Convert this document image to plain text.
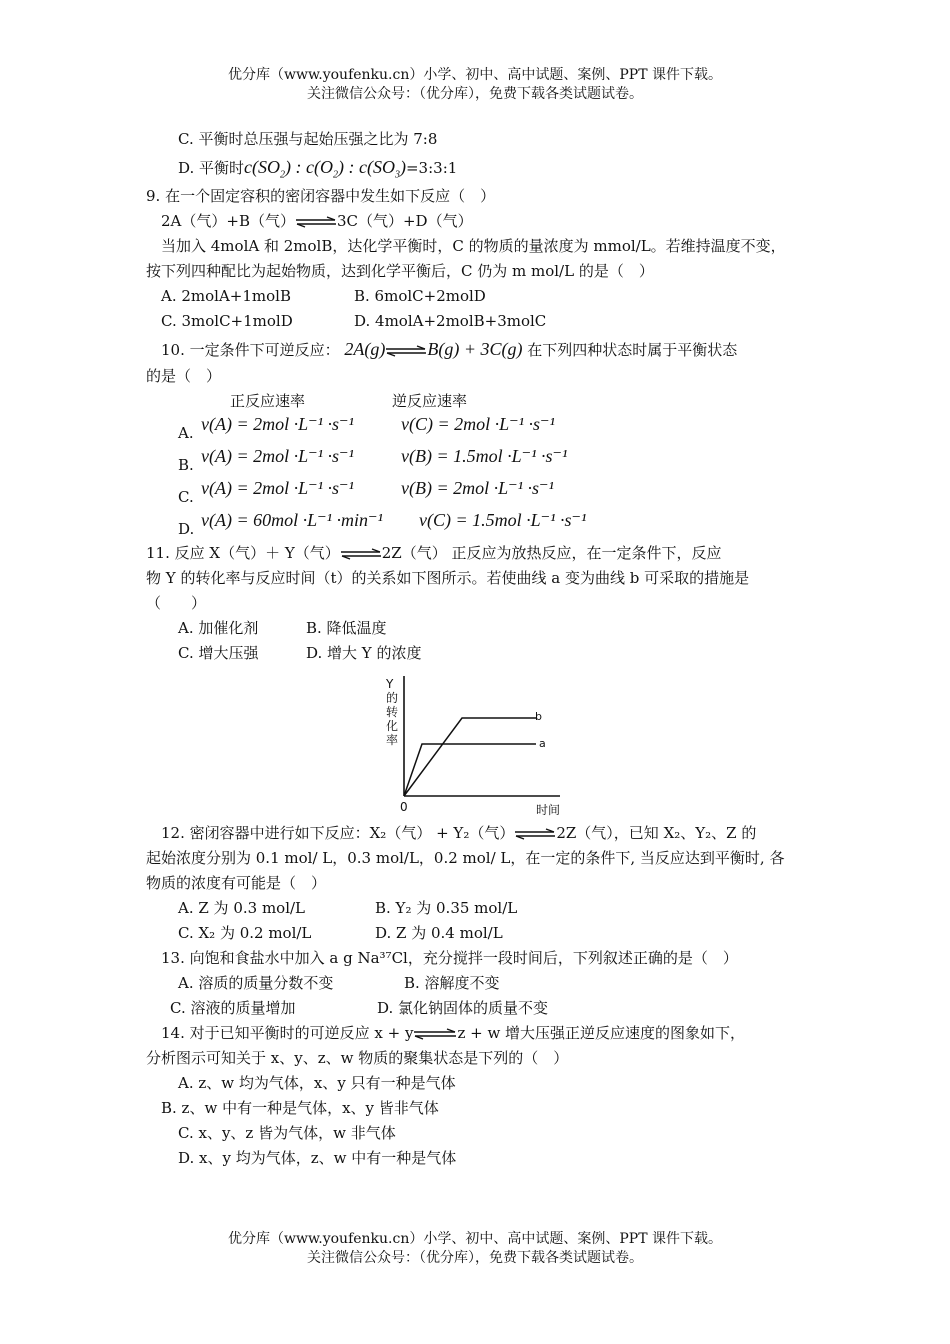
优分库（www.youfenku.cn）小学、初中、高中试题、案例、PPT 课件下载。
关注微信公众号：（优分库），免费下载各类试题试卷。
C. 平衡时总压强与起始压强之比为 7:8
D. 平衡时$c(SO_2)$ : $c(O_2)$ : $c(SO_3)=3:3:1$
9. 在一个固定容积的密闭容器中发生如下反应（　）
2A（气）+B（气）⇌3C（气）+D（气）
当加入 4molA 和 2molB，达化学平衡时，C 的物质的量浓度为 mmol/L。若维持温度不变，
按下列四种配比为起始物质，达到化学平衡后，C 仍为 m mol/L 的是（　）
A. 2molA+1molB	B. 6molC+2molD
C. 3molC+1molD	D. 4molA+2molB+3molC
10. 一定条件下可逆反应： 2A(g)⇌B(g) + 3C(g) 在下列四种状态时属于平衡状态
的是（　）
正反应速率	逆反应速率
A. v(A) = 2mol ·L⁻¹ ·s⁻¹	v(C) = 2mol ·L⁻¹ ·s⁻¹
B. v(A) = 2mol ·L⁻¹ ·s⁻¹	v(B) = 1.5mol ·L⁻¹ ·s⁻¹
C. v(A) = 2mol ·L⁻¹ ·s⁻¹	v(B) = 2mol ·L⁻¹ ·s⁻¹
D. v(A) = 60mol ·L⁻¹ ·min⁻¹ v(C) = 1.5mol ·L⁻¹ ·s⁻¹
11. 反应 X（气）＋ Y（气）⇌2Z（气） 正反应为放热反应，在一定条件下，反应
物 Y 的转化率与反应时间（t）的关系如下图所示。若使曲线 a 变为曲线 b 可采取的措施是
（　　）
A. 加催化剂	B. 降低温度
C. 增大压强	D. 增大 Y 的浓度
Y
的
转
化
率
0	时间
b
a
12. 密闭容器中进行如下反应：X₂（气） + Y₂（气）⇌2Z（气），已知 X₂、Y₂、Z 的
起始浓度分别为 0.1 mol/ L，0.3 mol/L，0.2 mol/ L，在一定的条件下, 当反应达到平衡时, 各
物质的浓度有可能是（　）
A. Z 为 0.3 mol/L	B. Y₂ 为 0.35 mol/L
C. X₂ 为 0.2 mol/L	D. Z 为 0.4 mol/L
13. 向饱和食盐水中加入 a g Na³⁷Cl，充分搅拌一段时间后，下列叙述正确的是（　）
A. 溶质的质量分数不变	B. 溶解度不变
C. 溶液的质量增加	D. 氯化钠固体的质量不变
14. 对于已知平衡时的可逆反应 x + y⇌z + w 增大压强正逆反应速度的图象如下，
分析图示可知关于 x、y、z、w 物质的聚集状态是下列的（　）
A. z、w 均为气体，x、y 只有一种是气体
B. z、w 中有一种是气体，x、y 皆非气体
C. x、y、z 皆为气体，w 非气体
D. x、y 均为气体，z、w 中有一种是气体
优分库（www.youfenku.cn）小学、初中、高中试题、案例、PPT 课件下载。
关注微信公众号：（优分库），免费下载各类试题试卷。
